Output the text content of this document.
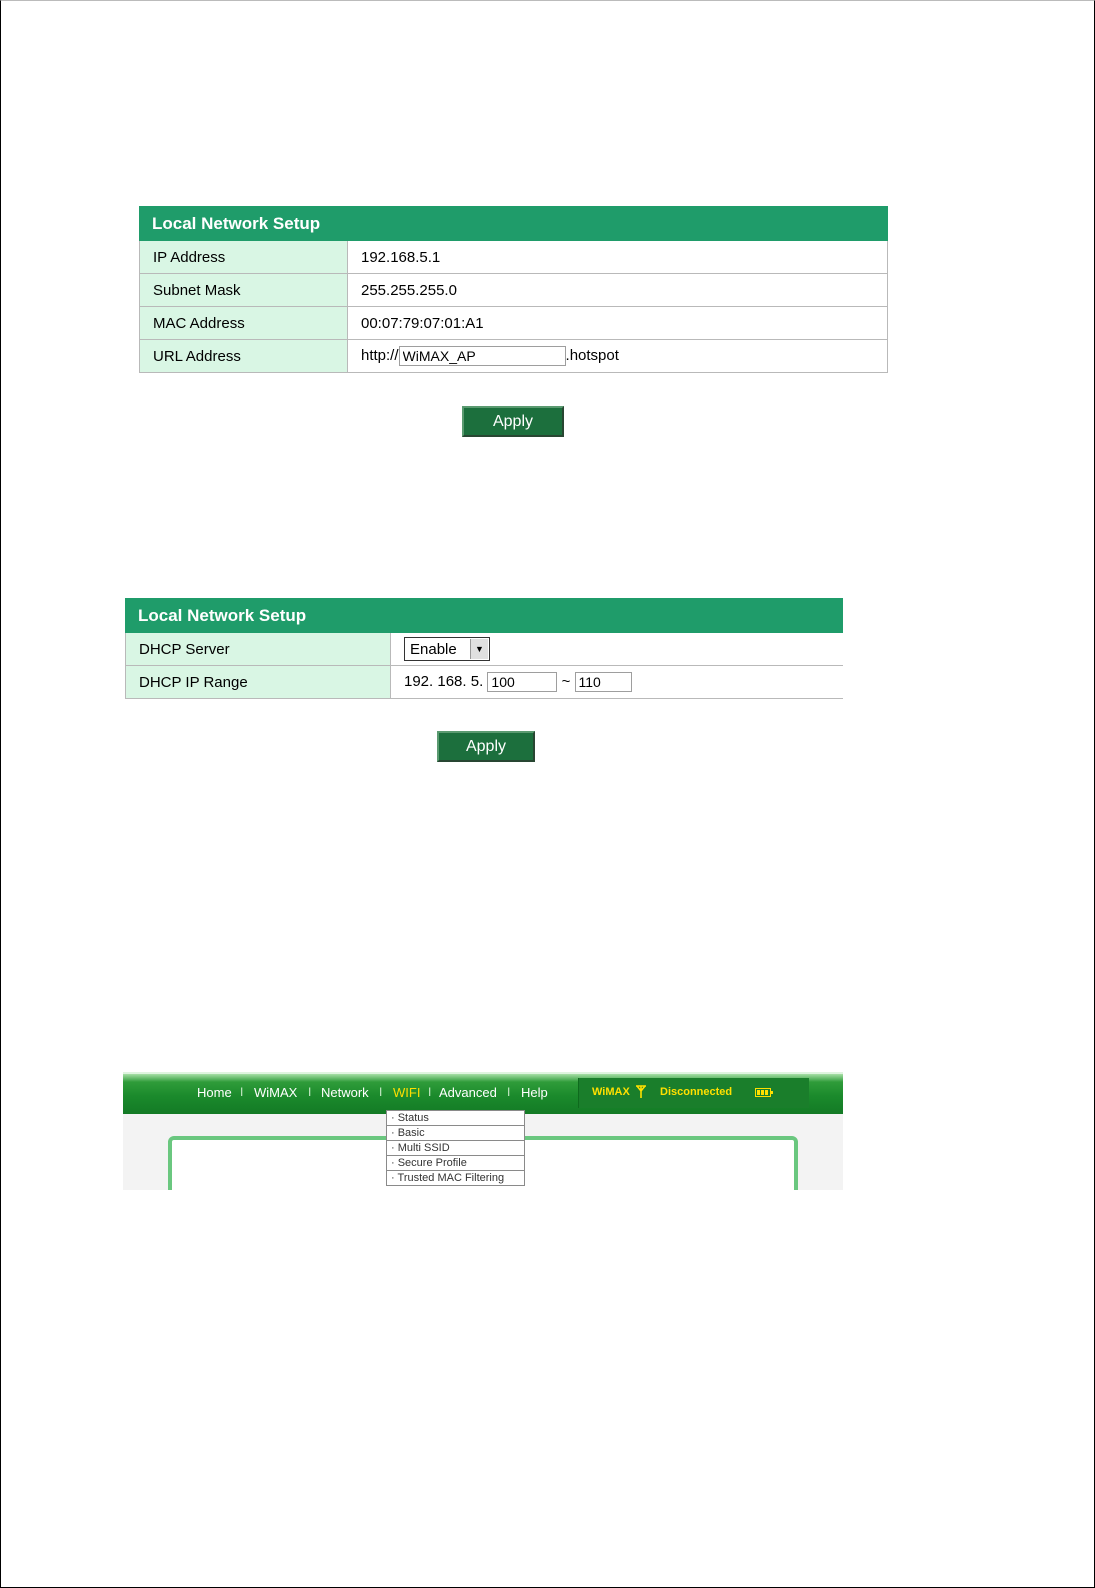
Local Network Setup	
IP Address	192.168.5.1
Subnet Mask	255.255.255.0
MAC Address	00:07:79:07:01:A1
URL Address	http://WiMAX_AP .hotspot
Apply
Local Network Setup	
DHCP Server	Enable ▼

DHCP IP Range	192. 168. 5. 100 ~ 110
Apply
Home I WiMAX I Network I WIFI I Advanced I Help	WiMAX	Disconnected
· Status
· Basic
· Multi SSID
· Secure Profile
· Trusted MAC Filtering
